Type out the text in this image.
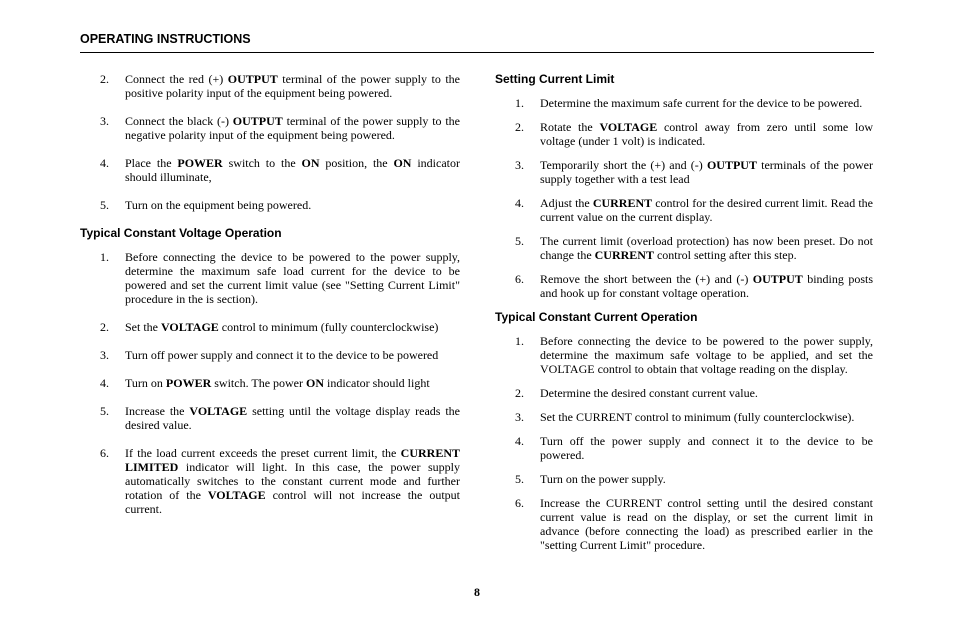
OPERATING INSTRUCTIONS
2. Connect the red (+) OUTPUT terminal of the power supply to the positive polarity input of the equipment being powered.
3. Connect the black (-) OUTPUT terminal of the power supply to the negative polarity input of the equipment being powered.
4. Place the POWER switch to the ON position, the ON indicator should illuminate,
5. Turn on the equipment being powered.
Typical Constant Voltage Operation
1. Before connecting the device to be powered to the power supply, determine the maximum safe load current for the device to be powered and set the current limit value (see "Setting Current Limit" procedure in the is section).
2. Set the VOLTAGE control to minimum (fully counterclockwise)
3. Turn off power supply and connect it to the device to be powered
4. Turn on POWER switch. The power ON indicator should light
5. Increase the VOLTAGE setting until the voltage display reads the desired value.
6. If the load current exceeds the preset current limit, the CURRENT LIMITED indicator will light. In this case, the power supply automatically switches to the constant current mode and further rotation of the VOLTAGE control will not increase the output current.
Setting Current Limit
1. Determine the maximum safe current for the device to be powered.
2. Rotate the VOLTAGE control away from zero until some low voltage (under 1 volt) is indicated.
3. Temporarily short the (+) and (-) OUTPUT terminals of the power supply together with a test lead
4. Adjust the CURRENT control for the desired current limit. Read the current value on the current display.
5. The current limit (overload protection) has now been preset. Do not change the CURRENT control setting after this step.
6. Remove the short between the (+) and (-) OUTPUT binding posts and hook up for constant voltage operation.
Typical Constant Current Operation
1. Before connecting the device to be powered to the power supply, determine the maximum safe voltage to be applied, and set the VOLTAGE control to obtain that voltage reading on the display.
2. Determine the desired constant current value.
3. Set the CURRENT control to minimum (fully counterclockwise).
4. Turn off the power supply and connect it to the device to be powered.
5. Turn on the power supply.
6. Increase the CURRENT control setting until the desired constant current value is read on the display, or set the current limit in advance (before connecting the load) as prescribed earlier in the "setting Current Limit" procedure.
8
